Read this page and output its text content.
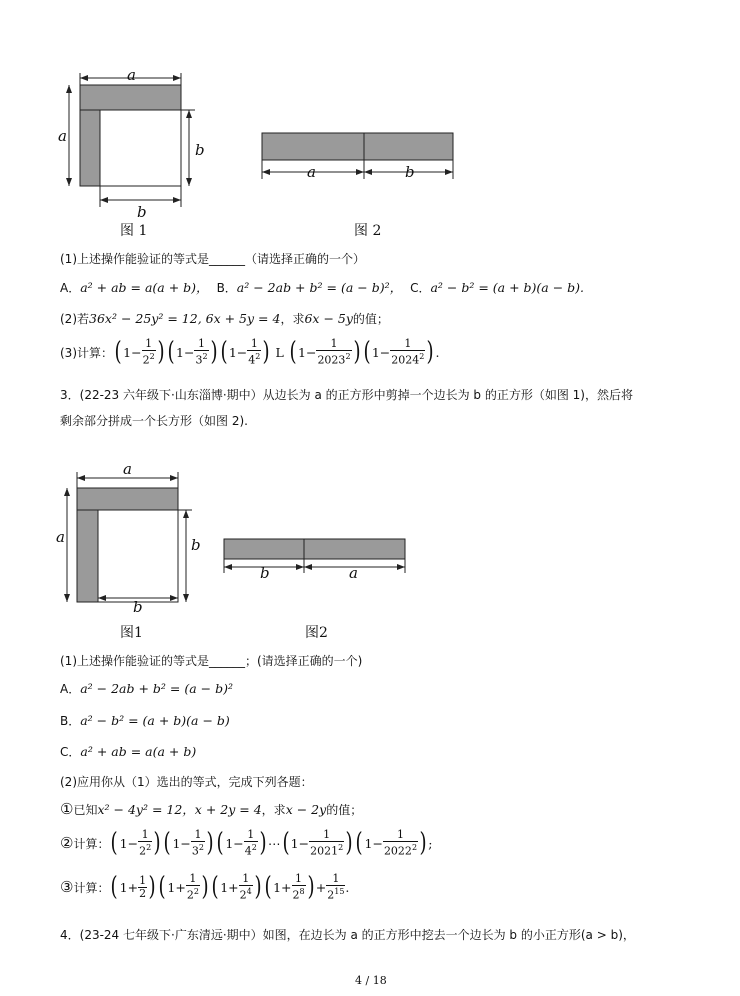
a
a
b
b
a	b
图 1	图 2
(1)上述操作能验证的等式是______（请选择正确的一个）
A． a² + ab = a(a + b)， B． a² − 2ab + b² = (a − b)²， C． a² − b² = (a + b)(a − b).
(2)若 36x² − 25y² = 12, 6x + 5y = 4 ，求 6x − 5y 的值；
(3)计算： ( $1- \frac{1}{2^2}$ ) ( $1- \frac{1}{3^2}$ ) ( $1- \frac{1}{4^2}$ ) L ( $1- \frac{1}{2023^2}$ ) ( $1- \frac{1}{2024^2}$ ) .
3．(22-23 六年级下·山东淄博·期中）从边长为 a 的正方形中剪掉一个边长为 b 的正方形（如图 1)，然后将
剩余部分拼成一个长方形（如图 2).
a
a	b
b
b	a
图1	图2
(1)上述操作能验证的等式是______；(请选择正确的一个)
A． a² − 2ab + b² = (a − b)²
B． a² − b² = (a + b)(a − b)
C． a² + ab = a(a + b)
(2)应用你从（1）选出的等式，完成下列各题：
① 已知 x² − 4y² = 12，x + 2y = 4 ，求 x − 2y 的值；
② 计算： ( $1- \frac{1}{2^2}$ ) ( $1- \frac{1}{3^2}$ ) ( $1- \frac{1}{4^2}$ ) ⋯ ( $1- \frac{1}{2021^2}$ ) ( $1- \frac{1}{2022^2}$ ) ;
③ 计算： ( $1+ \frac{1}{2}$ ) ( $1+ \frac{1}{2^2}$ ) ( $1+ \frac{1}{2^4}$ ) ( $1+ \frac{1}{2^8}$ ) + $\frac{1}{2^{15}}$ .
4．(23-24 七年级下·广东清远·期中）如图，在边长为 a 的正方形中挖去一个边长为 b 的小正方形(a > b)，
4 / 18
